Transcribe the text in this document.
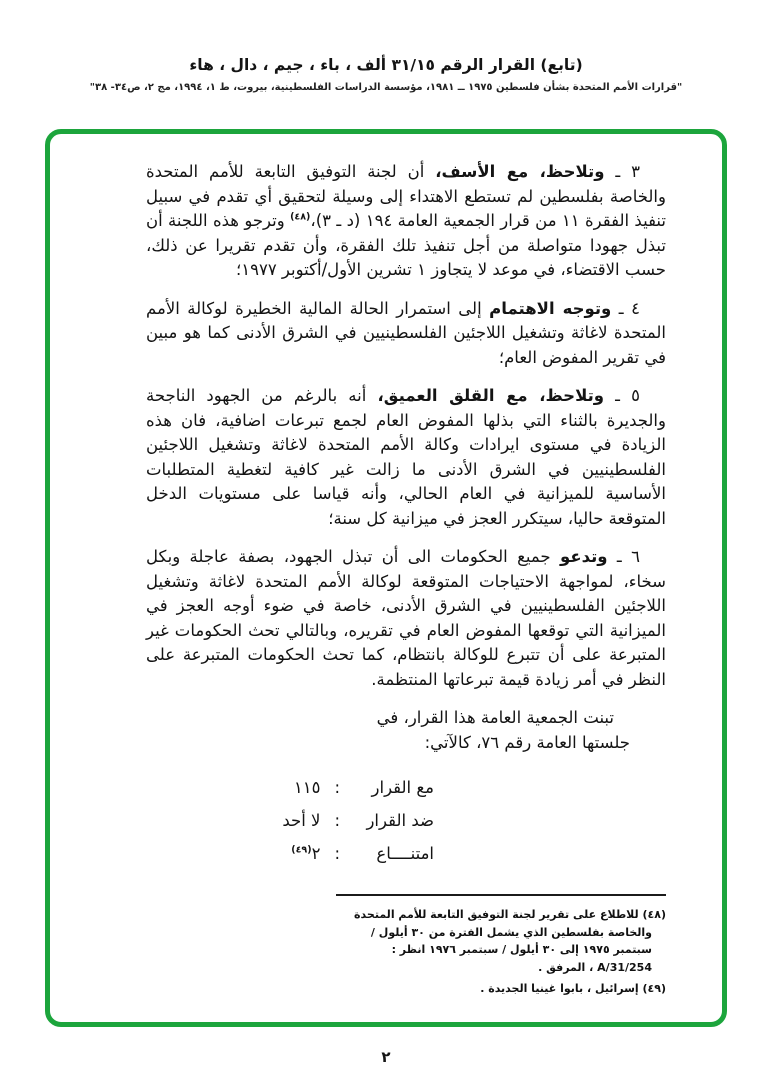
(تابع) القرار الرقم ٣١/١٥ ألف ، باء ، جيم ، دال ، هاء
"قرارات الأمم المتحدة بشأن فلسطين ١٩٧٥ ــ ١٩٨١، مؤسسة الدراسات الفلسطينية، بيروت، ط ١، ١٩٩٤، مج ٢، ص٣٤- ٣٨"

٣ ـ وتلاحظ، مع الأسف، أن لجنة التوفيق التابعة للأمم المتحدة والخاصة بفلسطين لم تستطع الاهتداء إلى وسيلة لتحقيق أي تقدم في سبيل تنفيذ الفقرة ١١ من قرار الجمعية العامة ١٩٤ (د ـ ٣)،$^{(٤٨)}$ وترجو هذه اللجنة أن تبذل جهودا متواصلة من أجل تنفيذ تلك الفقرة، وأن تقدم تقريرا عن ذلك، حسب الاقتضاء، في موعد لا يتجاوز ١ تشرين الأول/أكتوبر ١٩٧٧؛

٤ ـ وتوجه الاهتمام إلى استمرار الحالة المالية الخطيرة لوكالة الأمم المتحدة لاغاثة وتشغيل اللاجئين الفلسطينيين في الشرق الأدنى كما هو مبين في تقرير المفوض العام؛

٥ ـ وتلاحظ، مع القلق العميق، أنه بالرغم من الجهود الناجحة والجديرة بالثناء التي بذلها المفوض العام لجمع تبرعات اضافية، فان هذه الزيادة في مستوى ايرادات وكالة الأمم المتحدة لاغاثة وتشغيل اللاجئين الفلسطينيين في الشرق الأدنى ما زالت غير كافية لتغطية المتطلبات الأساسية للميزانية في العام الحالي، وأنه قياسا على مستويات الدخل المتوقعة حاليا، سيتكرر العجز في ميزانية كل سنة؛

٦ ـ وتدعو جميع الحكومات الى أن تبذل الجهود، بصفة عاجلة وبكل سخاء، لمواجهة الاحتياجات المتوقعة لوكالة الأمم المتحدة لاغاثة وتشغيل اللاجئين الفلسطينيين في الشرق الأدنى، خاصة في ضوء أوجه العجز في الميزانية التي توقعها المفوض العام في تقريره، وبالتالي تحث الحكومات غير المتبرعة على أن تتبرع للوكالة بانتظام، كما تحث الحكومات المتبرعة على النظر في أمر زيادة قيمة تبرعاتها المنتظمة.

تبنت الجمعية العامة هذا القرار، في جلستها العامة رقم ٧٦، كالآتي:

مع القرار:١١٥
ضد القرار:لا أحد
امتنــــاع:٢$^{(٤٩)}$

(٤٨) للاطلاع على تقرير لجنة التوفيق التابعة للأمم المتحدة والخاصة بفلسطين الذي يشمل الفترة من ٣٠ أيلول / سبتمبر ١٩٧٥ إلى ٣٠ أيلول / سبتمبر ١٩٧٦ انظر : A/31/254 ، المرفق .

(٤٩) إسرائيل ، بابوا غينيا الجديدة .

٢
